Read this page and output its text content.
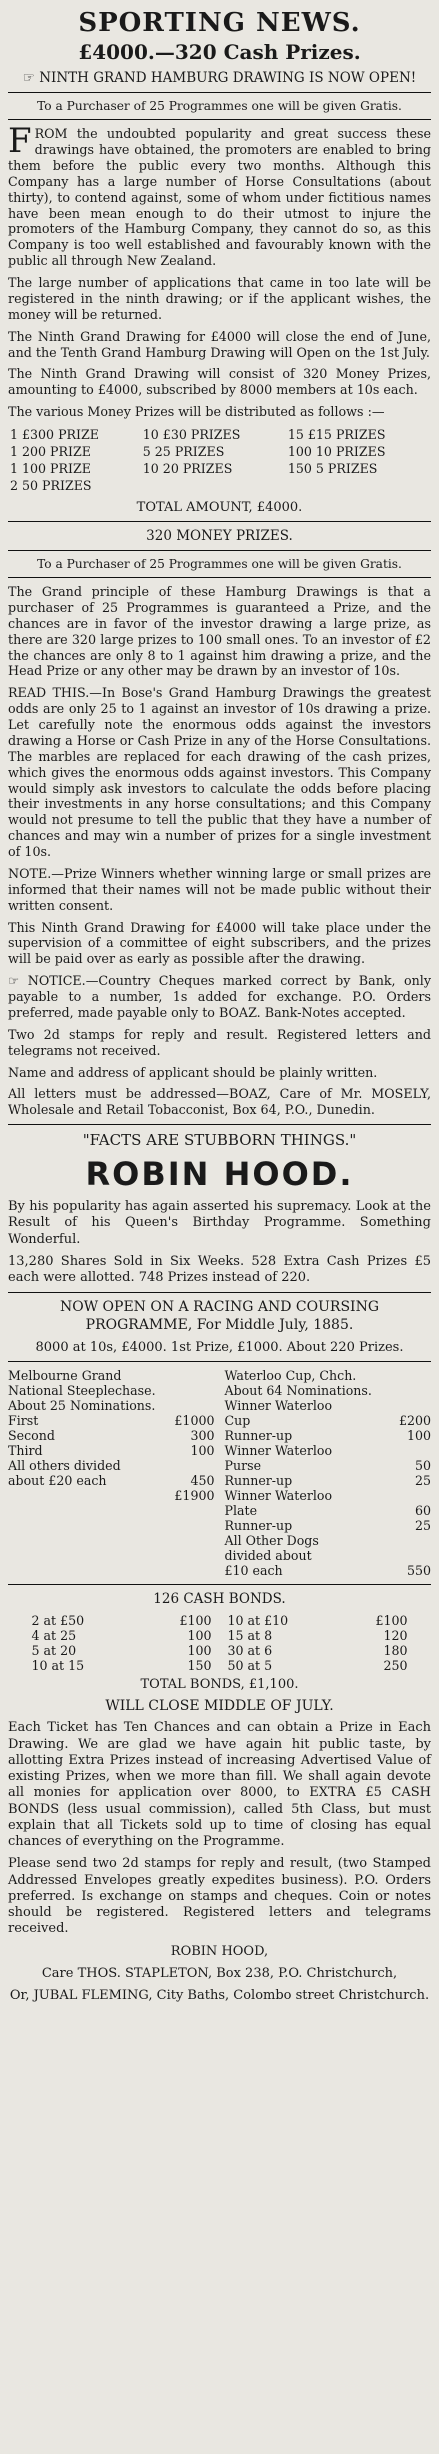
SPORTING NEWS.
£4000.—320 Cash Prizes.
☞ NINTH GRAND HAMBURG DRAWING IS NOW OPEN!
To a Purchaser of 25 Programmes one will be given Gratis.

FROM the undoubted popularity and great success these drawings have obtained, the promoters are enabled to bring them before the public every two months. Although this Company has a large number of Horse Consultations (about thirty), to contend against, some of whom under fictitious names have been mean enough to do their utmost to injure the promoters of the Hamburg Company, they cannot do so, as this Company is too well established and favourably known with the public all through New Zealand.

The large number of applications that came in too late will be registered in the ninth drawing; or if the applicant wishes, the money will be returned.

The Ninth Grand Drawing for £4000 will close the end of June, and the Tenth Grand Hamburg Drawing will Open on the 1st July.

The Ninth Grand Drawing will consist of 320 Money Prizes, amounting to £4000, subscribed by 8000 members at 10s each.

The various Money Prizes will be distributed as follows :—

1 £300 PRIZE	10 £30 PRIZES	15 £15 PRIZES
1 200 PRIZE	5 25 PRIZES	100 10 PRIZES
1 100 PRIZE	10 20 PRIZES	150 5 PRIZES
2 50 PRIZES		
TOTAL AMOUNT, £4000.
320 MONEY PRIZES.
To a Purchaser of 25 Programmes one will be given Gratis.

The Grand principle of these Hamburg Drawings is that a purchaser of 25 Programmes is guaranteed a Prize, and the chances are in favor of the investor drawing a large prize, as there are 320 large prizes to 100 small ones. To an investor of £2 the chances are only 8 to 1 against him drawing a prize, and the Head Prize or any other may be drawn by an investor of 10s.

READ THIS.—In Bose's Grand Hamburg Drawings the greatest odds are only 25 to 1 against an investor of 10s drawing a prize. Let carefully note the enormous odds against the investors drawing a Horse or Cash Prize in any of the Horse Consultations. The marbles are replaced for each drawing of the cash prizes, which gives the enormous odds against investors. This Company would simply ask investors to calculate the odds before placing their investments in any horse consultations; and this Company would not presume to tell the public that they have a number of chances and may win a number of prizes for a single investment of 10s.

NOTE.—Prize Winners whether winning large or small prizes are informed that their names will not be made public without their written consent.

This Ninth Grand Drawing for £4000 will take place under the supervision of a committee of eight subscribers, and the prizes will be paid over as early as possible after the drawing.

☞ NOTICE.—Country Cheques marked correct by Bank, only payable to a number, 1s added for exchange. P.O. Orders preferred, made payable only to BOAZ. Bank-Notes accepted.

Two 2d stamps for reply and result. Registered letters and telegrams not received.

Name and address of applicant should be plainly written.

All letters must be addressed—BOAZ, Care of Mr. MOSELY, Wholesale and Retail Tobacconist, Box 64, P.O., Dunedin.

"FACTS ARE STUBBORN THINGS."
ROBIN HOOD.
By his popularity has again asserted his supremacy. Look at the Result of his Queen's Birthday Programme. Something Wonderful.
13,280 Shares Sold in Six Weeks. 528 Extra Cash Prizes £5 each were allotted. 748 Prizes instead of 220.
NOW OPEN ON A RACING AND COURSING PROGRAMME, For Middle July, 1885.
8000 at 10s, £4000. 1st Prize, £1000. About 220 Prizes.
Melbourne Grand
National Steeplechase.
About 25 Nominations.
First	£1000
Second	300
Third	100
All others divided
about £20 each	450
£1900
Waterloo Cup, Chch.
About 64 Nominations.
Winner Waterloo
Cup	£200
Runner-up	100
Winner Waterloo
Purse	50
Runner-up	25
Winner Waterloo
Plate	60
Runner-up	25
All Other Dogs
divided about
£10 each	550
126 CASH BONDS.
2 at £50	£100
4 at 25	100
5 at 20	100
10 at 15	150
10 at £10	£100
15 at 8	120
30 at 6	180
50 at 5	250
TOTAL BONDS, £1,100.
WILL CLOSE MIDDLE OF JULY.
Each Ticket has Ten Chances and can obtain a Prize in Each Drawing. We are glad we have again hit public taste, by allotting Extra Prizes instead of increasing Advertised Value of existing Prizes, when we more than fill. We shall again devote all monies for application over 8000, to EXTRA £5 CASH BONDS (less usual commission), called 5th Class, but must explain that all Tickets sold up to time of closing has equal chances of everything on the Programme.
Please send two 2d stamps for reply and result, (two Stamped Addressed Envelopes greatly expedites business). P.O. Orders preferred. Is exchange on stamps and cheques. Coin or notes should be registered. Registered letters and telegrams received.
ROBIN HOOD,
Care THOS. STAPLETON, Box 238, P.O. Christchurch,
Or, JUBAL FLEMING, City Baths, Colombo street Christchurch.
